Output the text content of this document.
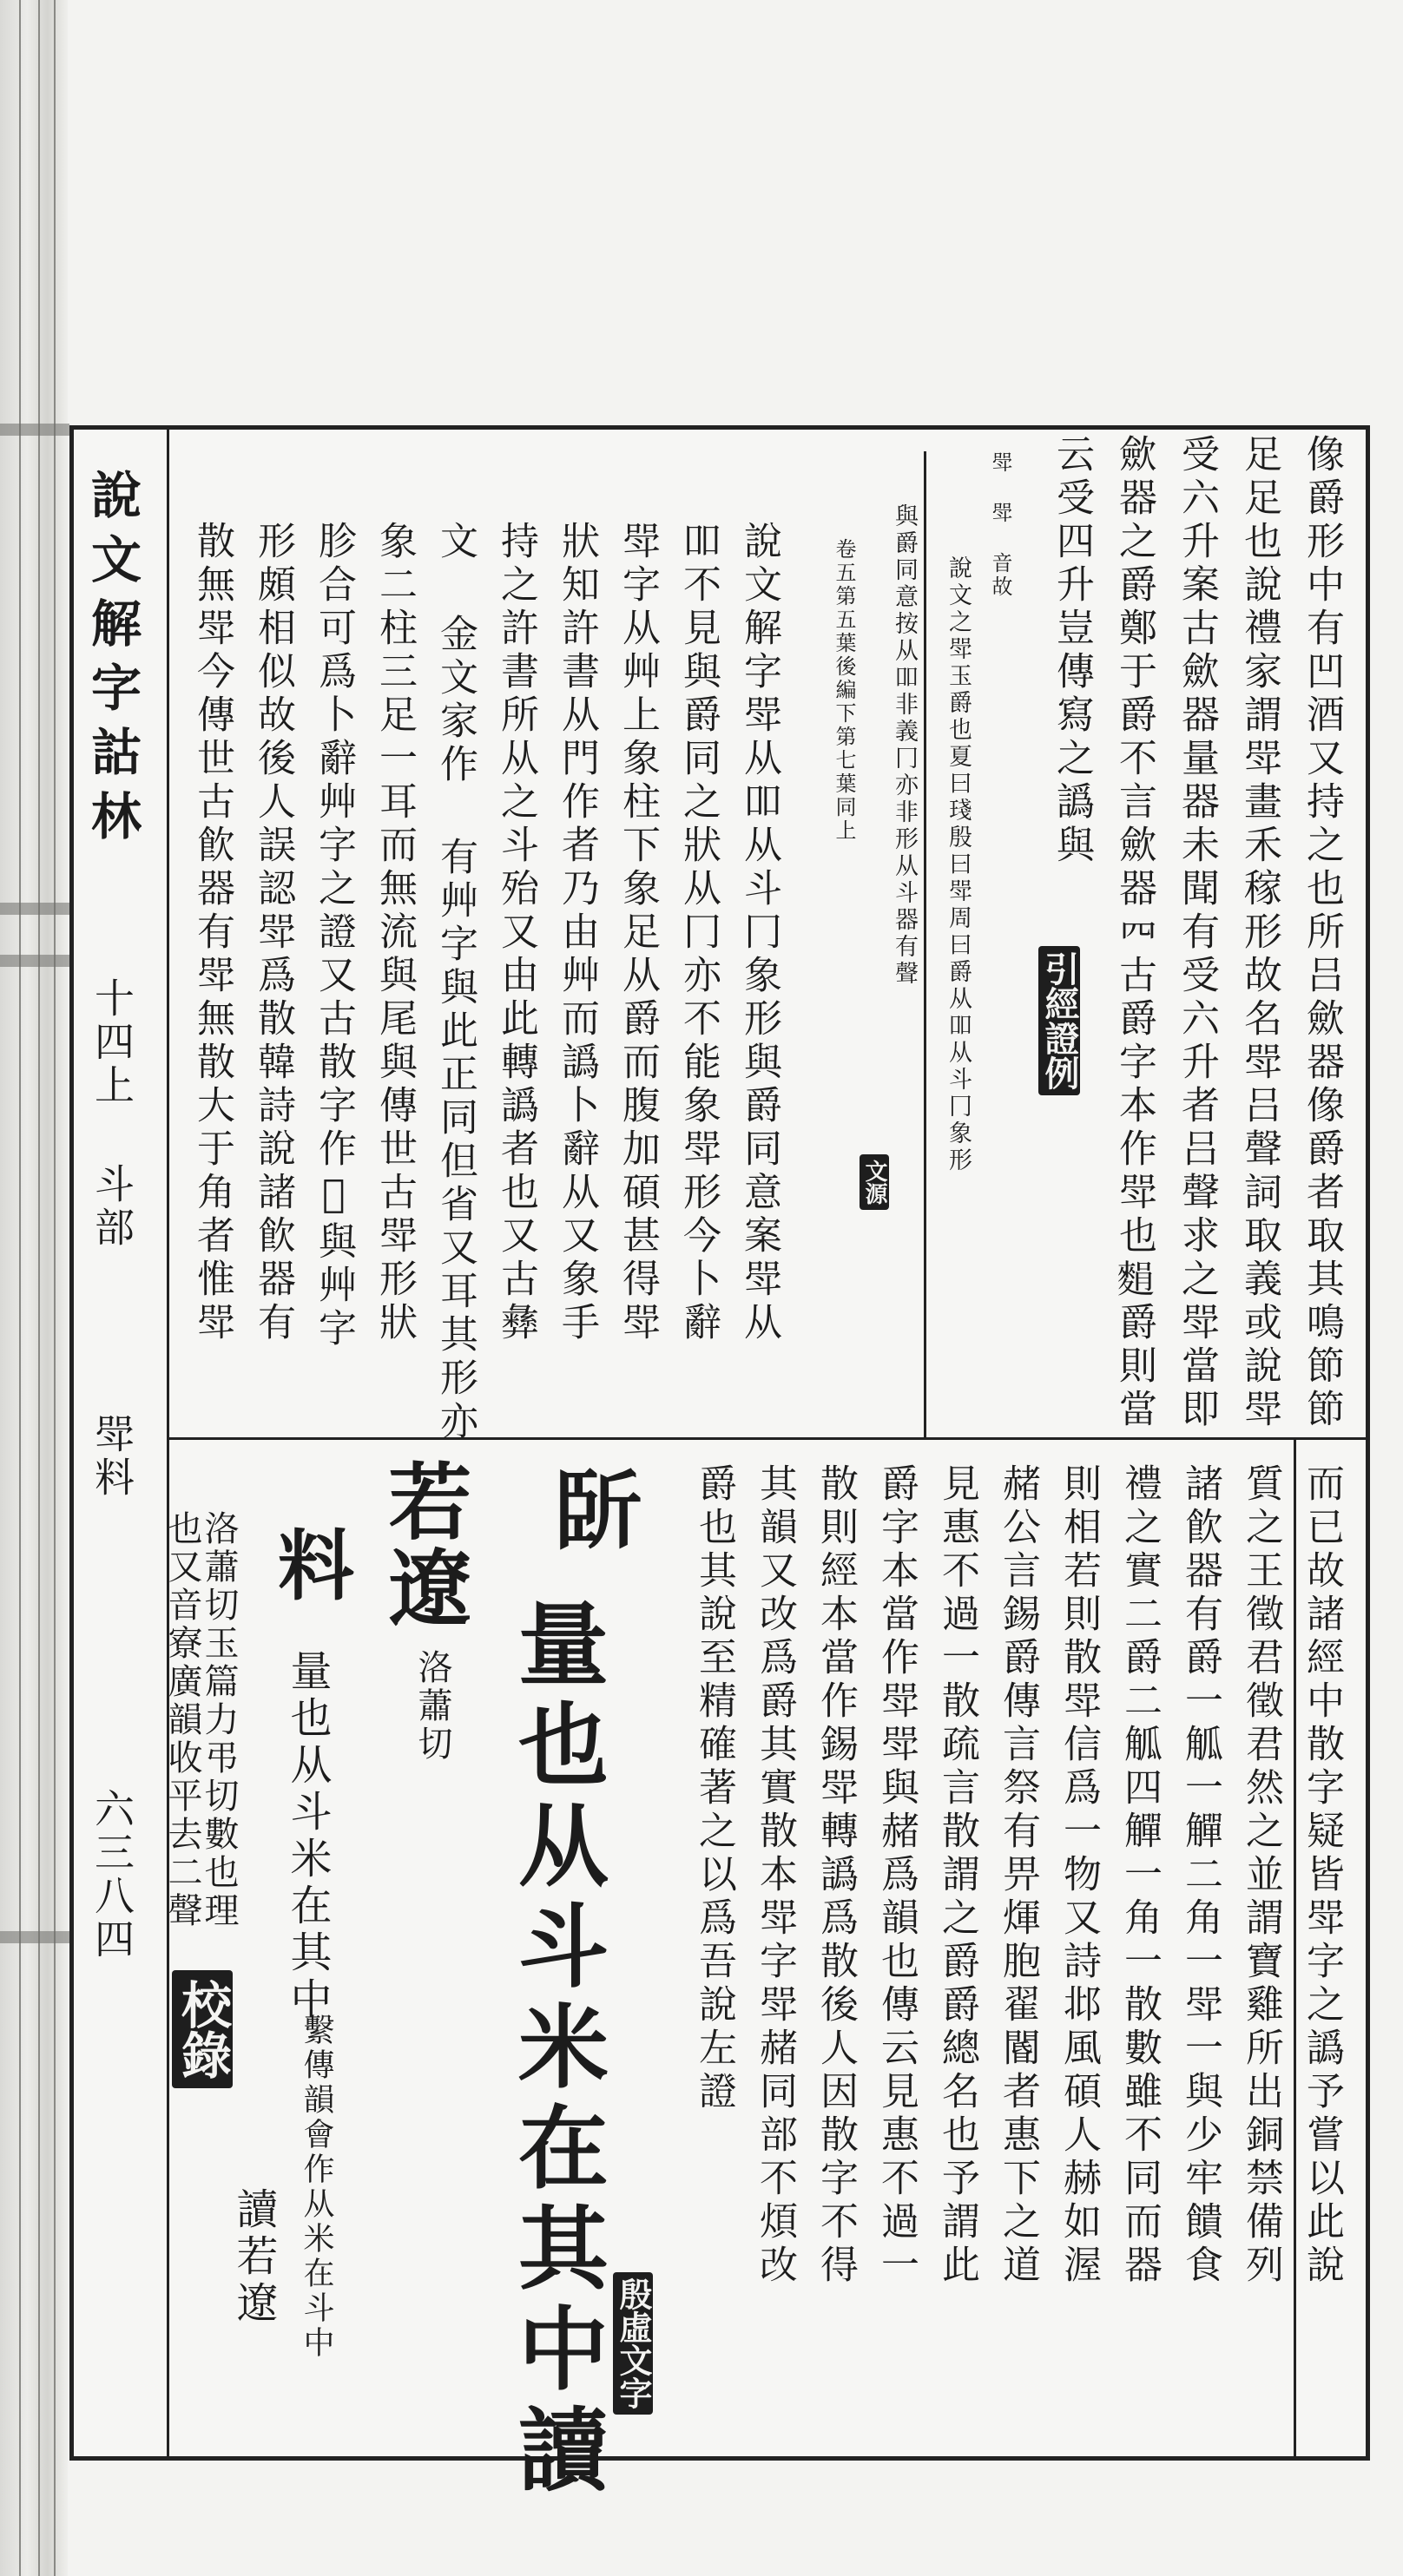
說文解字詁林
十四上
斗部
斝料
六三八四
像爵形中有凹酒又持之也所吕歛器像爵者取其鳴節節
足足也說禮家謂斝畫禾稼形故名斝吕聲詞取義或說斝
受六升案古歛器量器未聞有受六升者吕聲求之斝當即
歛器之爵鄭于爵不言歛器𦉪古爵字本作斝也𪌭爵則當
云受四升豈傳寫之譌與
引經證例
斝 斝 音故
說文之斝玉爵也夏曰琖殷曰斝周曰爵从吅从斗冂象形
與爵同意按从吅非義冂亦非形从斗器有聲
文源
卷五第五葉後編下第七葉同上
說文解字斝从吅从斗冂象形與爵同意案斝从
吅不見與爵同之狀从冂亦不能象斝形今卜辭
斝字从艸上象柱下象足从爵而腹加碩甚得斝
狀知許書从門作者乃由艸而譌卜辭从又象手
持之許書所从之斗殆又由此轉譌者也又古彝
文 金文家作 有艸字與此正同但省又耳其形亦
象二柱三足一耳而無流與尾與傳世古斝形狀
胗合可爲卜辭艸字之證又古散字作𢿁與艸字
形頗相似故後人誤認斝爲散韓詩說諸飮器有
散無斝今傳世古飮器有斝無散大于角者惟斝
而已故諸經中散字疑皆斝字之譌予嘗以此說
質之王徵君徵君然之並謂寶雞所出銅禁備列
諸飮器有爵一觚一觶二角一斝一與少牢饋食
禮之實二爵二觚四觶一角一散數雖不同而器
則相若則散斝信爲一物又詩邶風碩人赫如渥
赭公言錫爵傳言祭有畀煇胞翟閽者惠下之道
見惠不過一散疏言散謂之爵爵總名也予謂此
爵字本當作斝斝與赭爲韻也傳云見惠不過一
散則經本當作錫斝轉譌爲散後人因散字不得
其韻又改爲爵其實散本斝字斝赭同部不煩改
爵也其說至精確著之以爲吾說左證
殷虛文字
𣂜
量也从斗米在其中讀
若遼
洛蕭切
料
量也从斗米在其中
繫傳韻會作从米在斗中
讀若遼
洛蕭切玉篇力弔切數也理
也又音寮廣韻收平去二聲
校錄
